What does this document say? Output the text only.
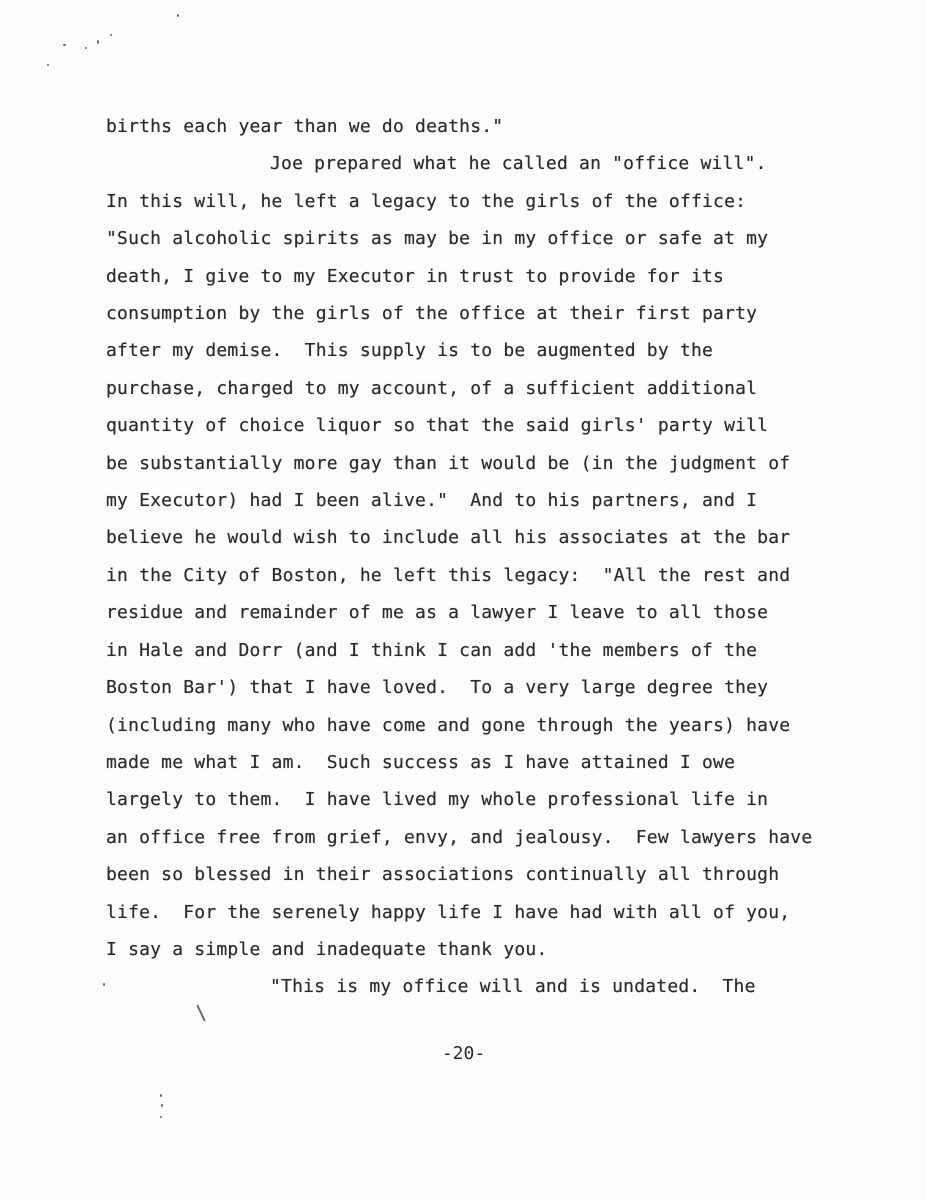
births each year than we do deaths."
Joe prepared what he called an "office will".
In this will, he left a legacy to the girls of the office:
"Such alcoholic spirits as may be in my office or safe at my
death, I give to my Executor in trust to provide for its
consumption by the girls of the office at their first party
after my demise.  This supply is to be augmented by the
purchase, charged to my account, of a sufficient additional
quantity of choice liquor so that the said girls' party will
be substantially more gay than it would be (in the judgment of
my Executor) had I been alive."  And to his partners, and I
believe he would wish to include all his associates at the bar
in the City of Boston, he left this legacy:  "All the rest and
residue and remainder of me as a lawyer I leave to all those
in Hale and Dorr (and I think I can add 'the members of the
Boston Bar') that I have loved.  To a very large degree they
(including many who have come and gone through the years) have
made me what I am.  Such success as I have attained I owe
largely to them.  I have lived my whole professional life in
an office free from grief, envy, and jealousy.  Few lawyers have
been so blessed in their associations continually all through
life.  For the serenely happy life I have had with all of you,
I say a simple and inadequate thank you.
"This is my office will and is undated.  The

-20-
